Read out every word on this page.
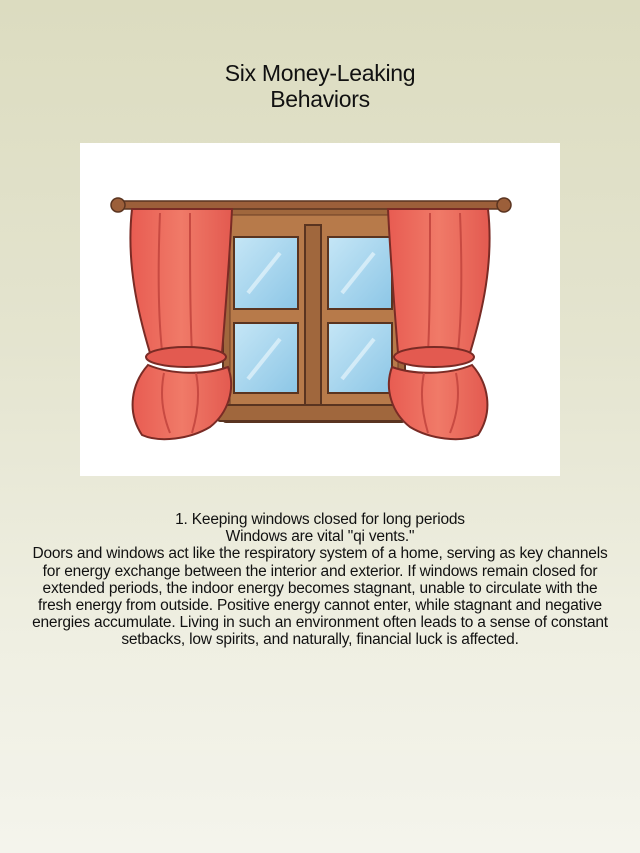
Six Money-Leaking
Behaviors
1. Keeping windows closed for long periods
Windows are vital "qi vents."
Doors and windows act like the respiratory system of a home, serving as key channels
for energy exchange between the interior and exterior. If windows remain closed for
extended periods, the indoor energy becomes stagnant, unable to circulate with the
fresh energy from outside. Positive energy cannot enter, while stagnant and negative
energies accumulate. Living in such an environment often leads to a sense of constant
setbacks, low spirits, and naturally, financial luck is affected.
